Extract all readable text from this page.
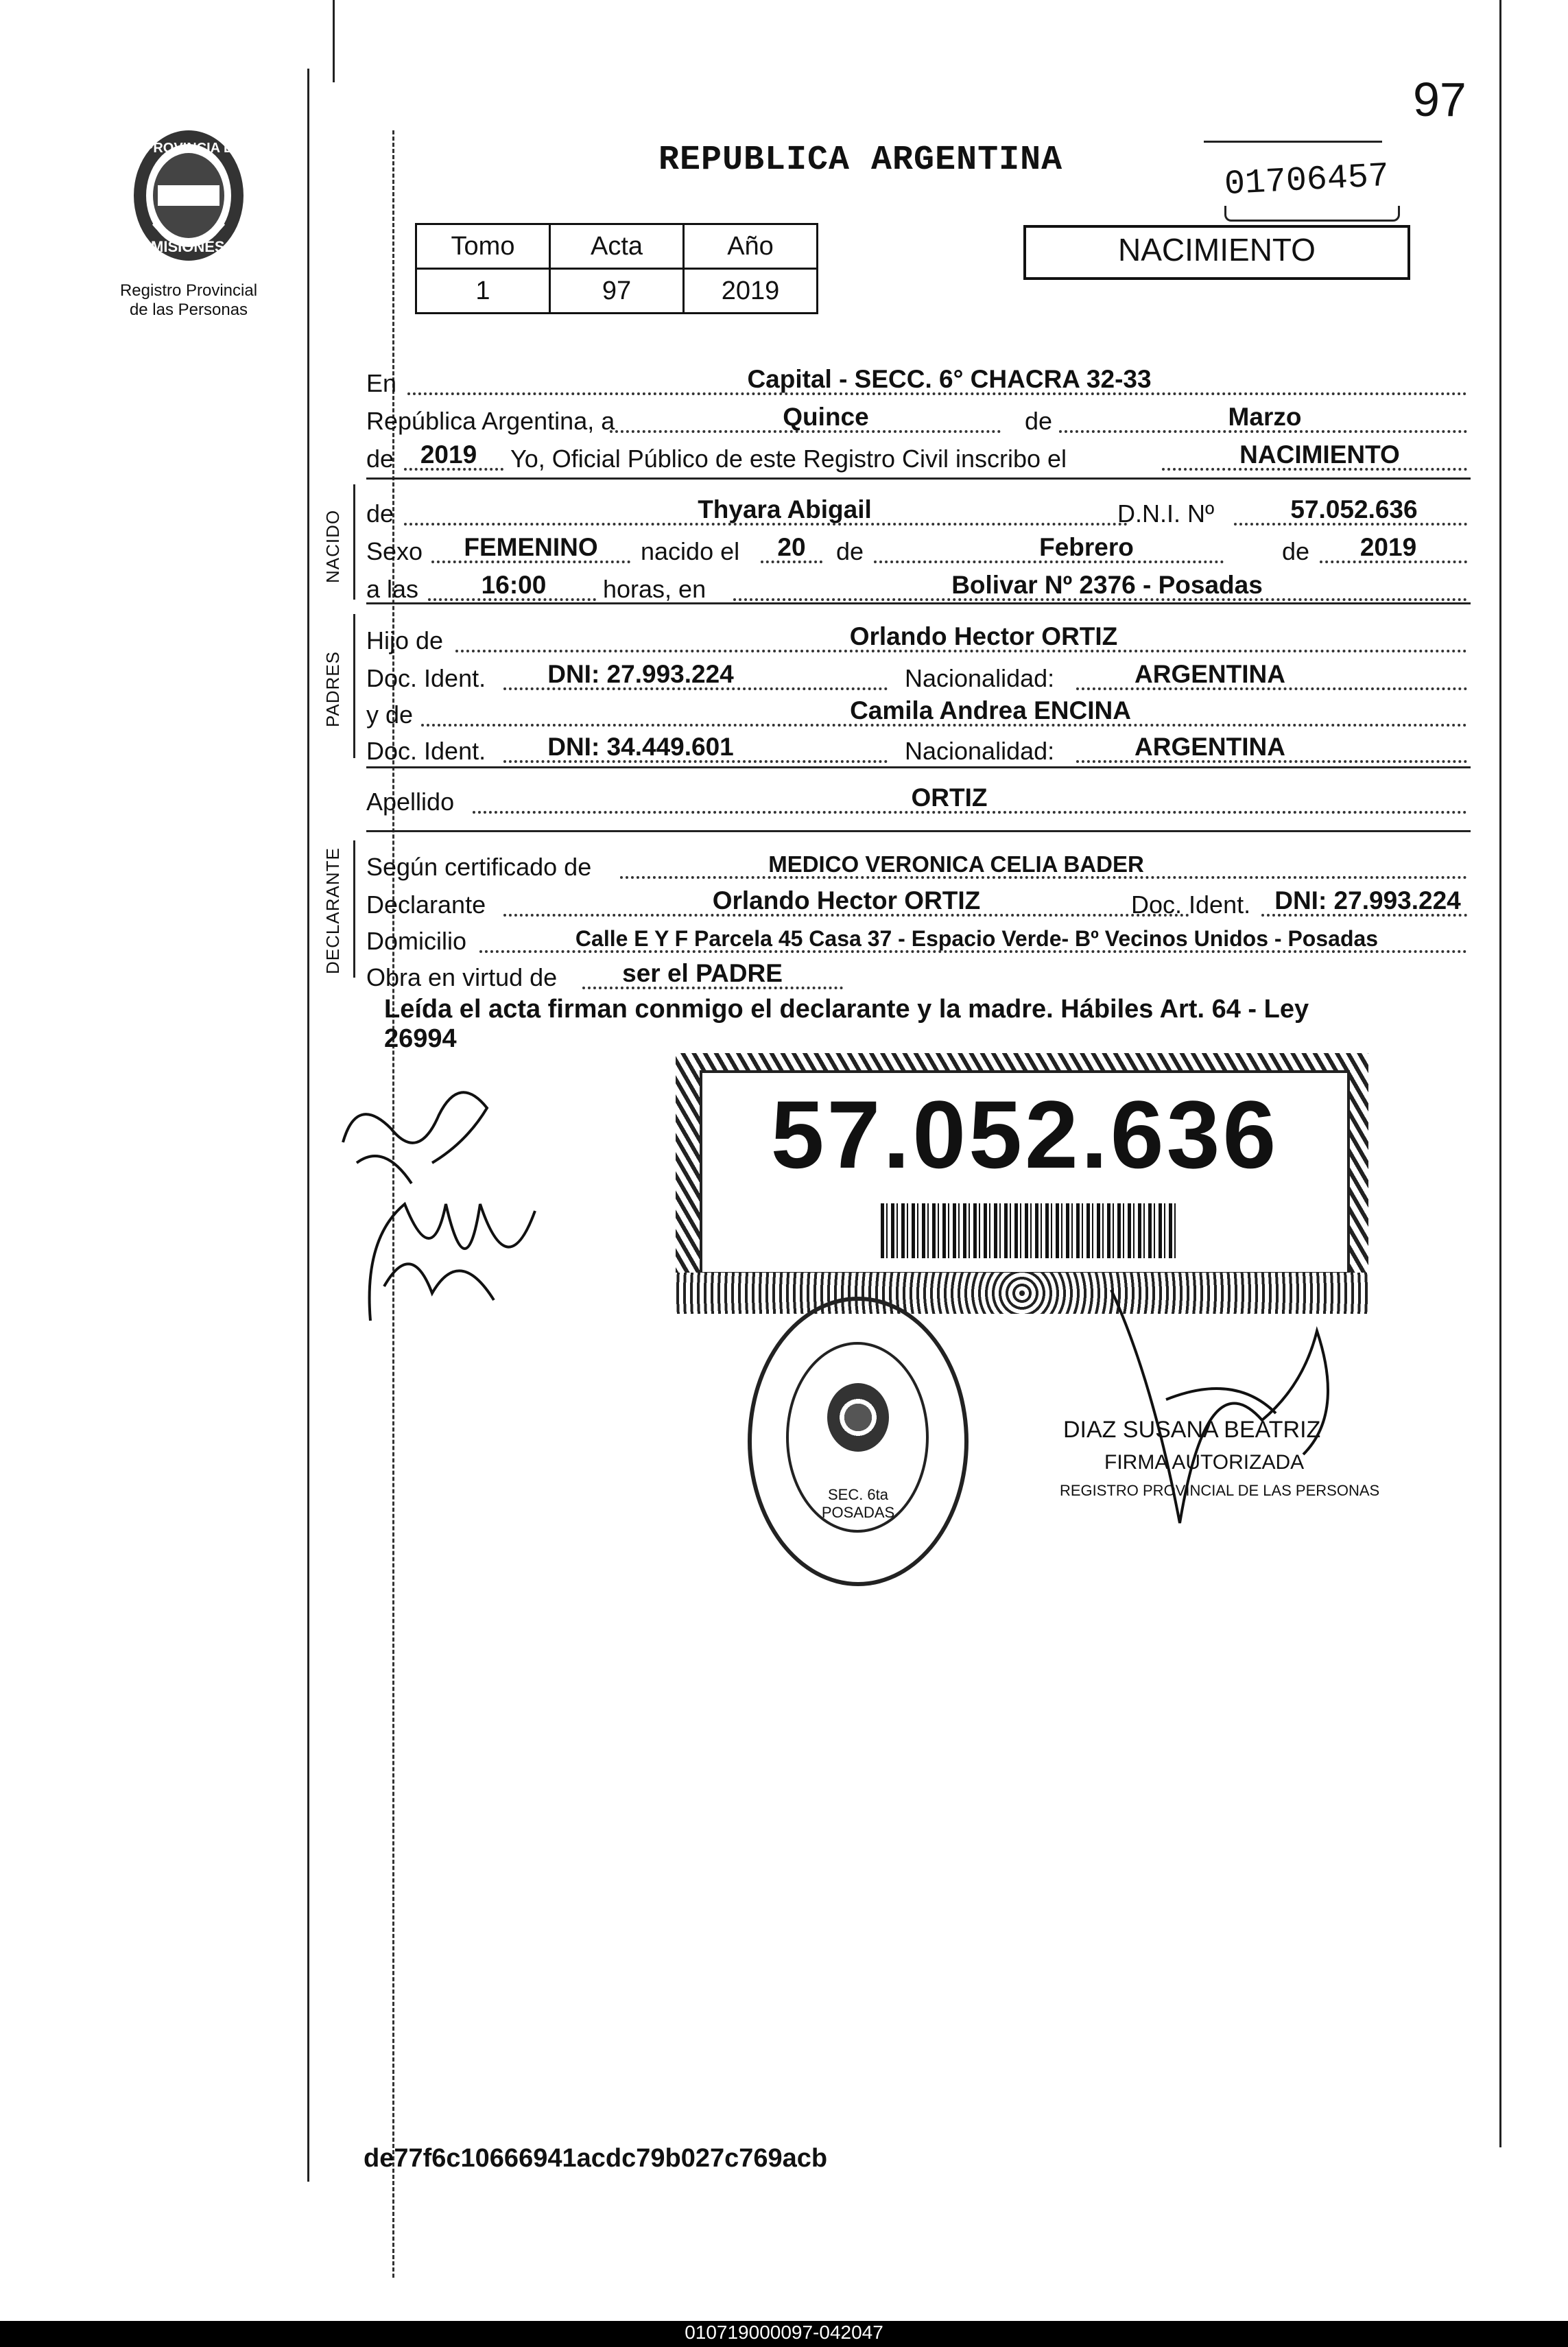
PROVINCIA DE
MISIONES
Registro Provincial
de las Personas
97
REPUBLICA ARGENTINA	01706457
Tomo	Acta	Año
1	97	2019
NACIMIENTO
NACIDO
PADRES
DECLARANTE
En	Capital - SECC. 6° CHACRA 32-33
República Argentina, a	Quince	de	Marzo
de	2019	Yo, Oficial Público de este Registro Civil inscribo el	NACIMIENTO
de	Thyara Abigail	D.N.I. Nº	57.052.636
Sexo	FEMENINO	nacido el	20	de	Febrero	de	2019
a las	16:00	horas, en	Bolivar Nº 2376 - Posadas
Hijo de	Orlando Hector ORTIZ
Doc. Ident.	DNI: 27.993.224	Nacionalidad:	ARGENTINA
y de	Camila Andrea ENCINA
Doc. Ident.	DNI: 34.449.601	Nacionalidad:	ARGENTINA
Apellido	ORTIZ
Según certificado de	MEDICO VERONICA CELIA BADER
Declarante	Orlando Hector ORTIZ	Doc. Ident. DNI: 27.993.224
Domicilio	Calle E Y F Parcela 45 Casa 37 - Espacio Verde- Bº Vecinos Unidos - Posadas
Obra en virtud de	ser el PADRE
Leída el acta firman conmigo el declarante y la madre. Hábiles Art. 64 - Ley
26994
57.052.636
SEC. 6ta POSADAS
DIAZ SUSANA BEATRIZ
FIRMA AUTORIZADA
REGISTRO PROVINCIAL DE LAS PERSONAS
de77f6c10666941acdc79b027c769acb
010719000097-042047
